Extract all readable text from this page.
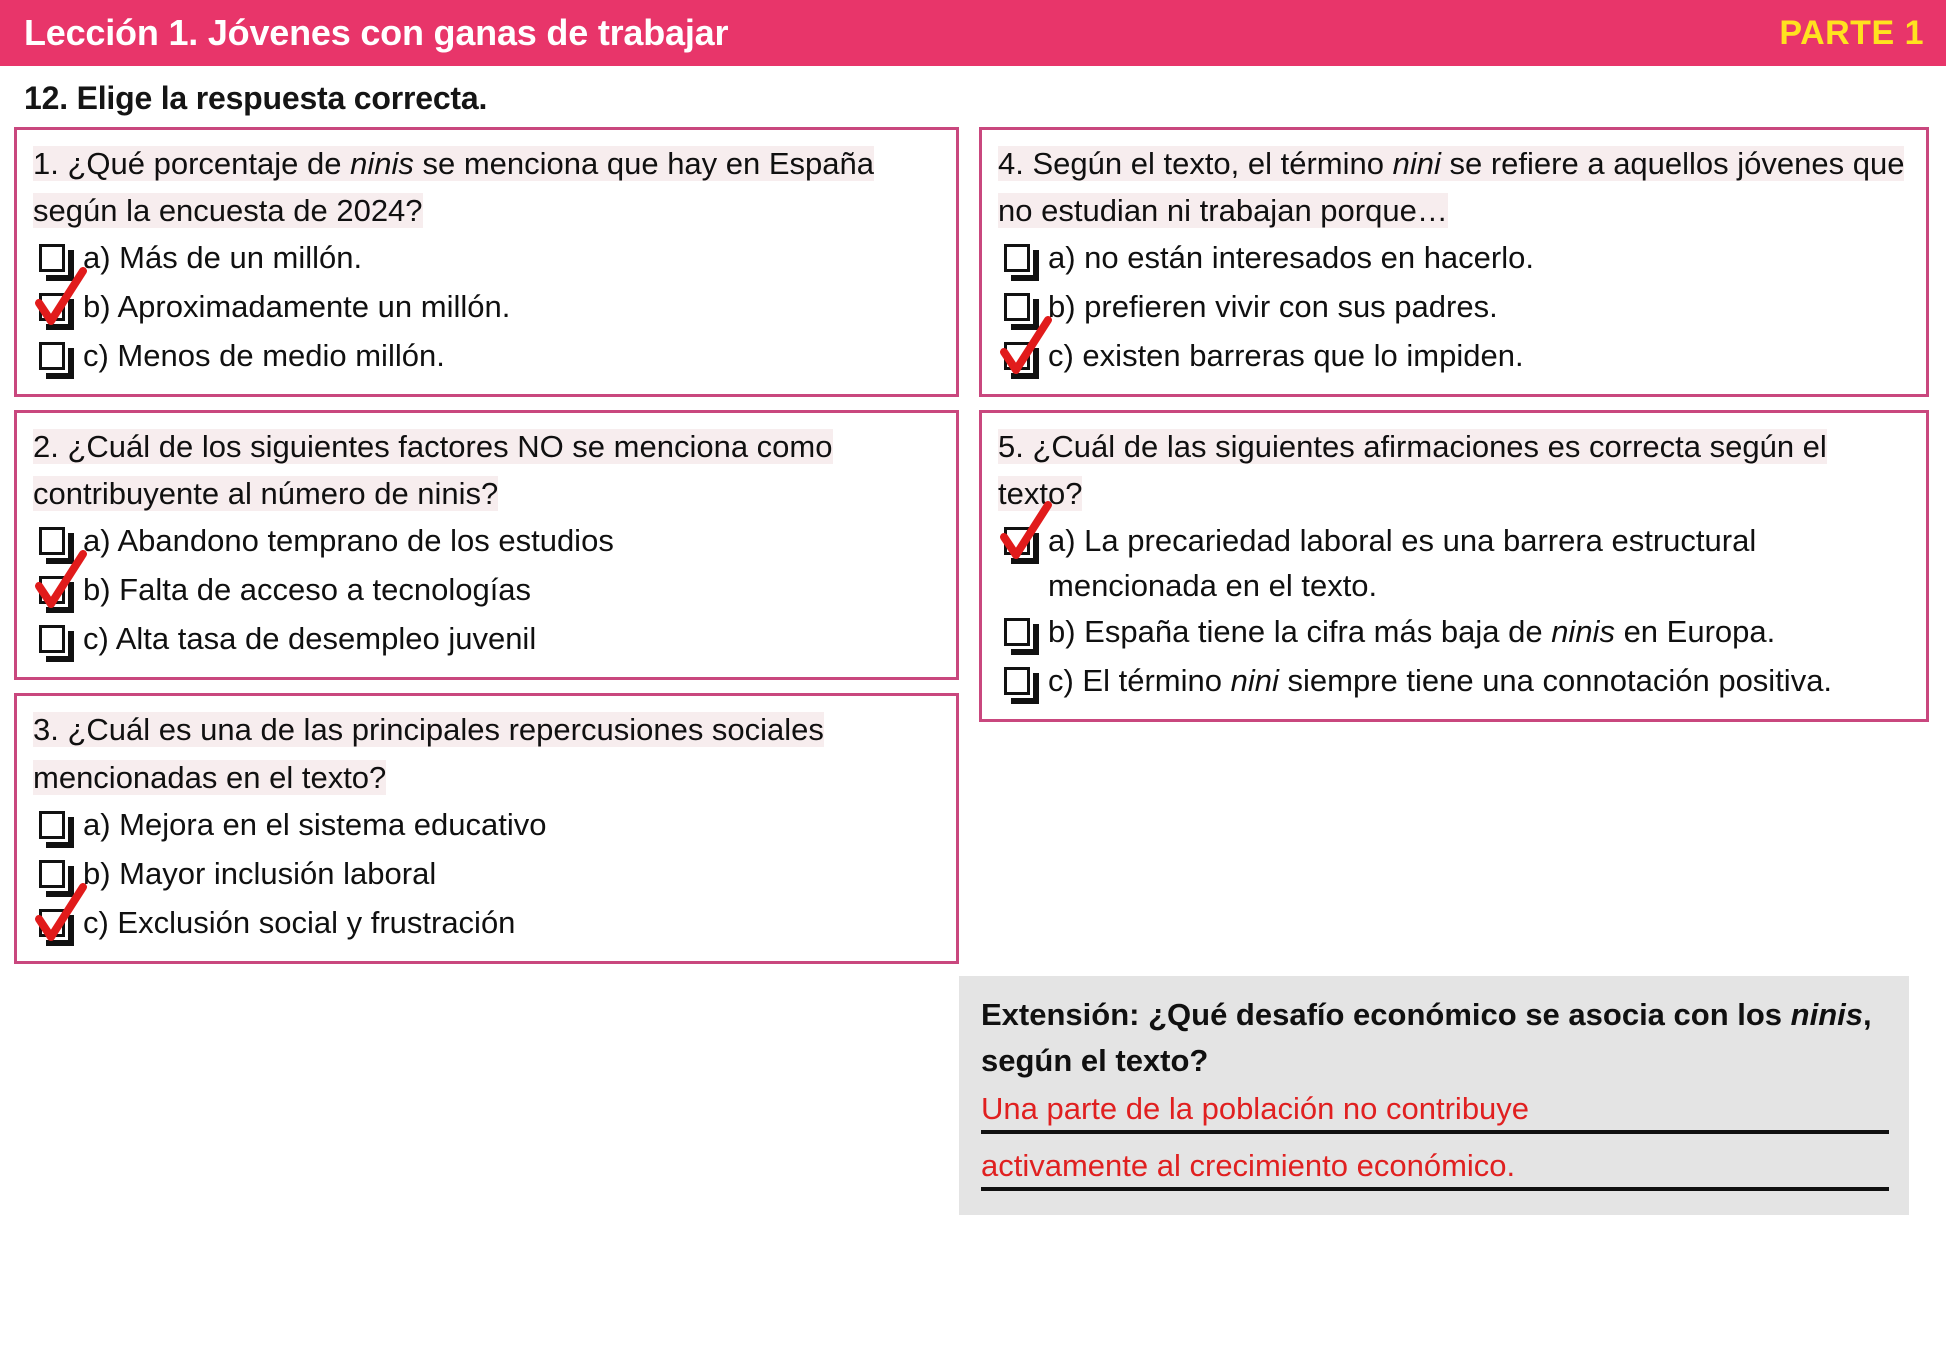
Lección 1. Jóvenes con ganas de trabajar	PARTE 1
12. Elige la respuesta correcta.

1. ¿Qué porcentaje de ninis se menciona que hay en España según la encuesta de 2024?

a) Más de un millón.
b) Aproximadamente un millón.
c) Menos de medio millón.

2. ¿Cuál de los siguientes factores NO se menciona como contribuyente al número de ninis?

a) Abandono temprano de los estudios
b) Falta de acceso a tecnologías
c) Alta tasa de desempleo juvenil

3. ¿Cuál es una de las principales repercusiones sociales mencionadas en el texto?

a) Mejora en el sistema educativo
b) Mayor inclusión laboral
c) Exclusión social y frustración

4. Según el texto, el término nini se refiere a aquellos jóvenes que no estudian ni trabajan porque…

a) no están interesados en hacerlo.
b) prefieren vivir con sus padres.
c) existen barreras que lo impiden.

5. ¿Cuál de las siguientes afirmaciones es correcta según el texto?

a) La precariedad laboral es una barrera estructural mencionada en el texto.
b) España tiene la cifra más baja de ninis en Europa.
c) El término nini siempre tiene una connotación positiva.

Extensión: ¿Qué desafío económico se asocia con los ninis, según el texto?

Una parte de la población no contribuye
activamente al crecimiento económico.
